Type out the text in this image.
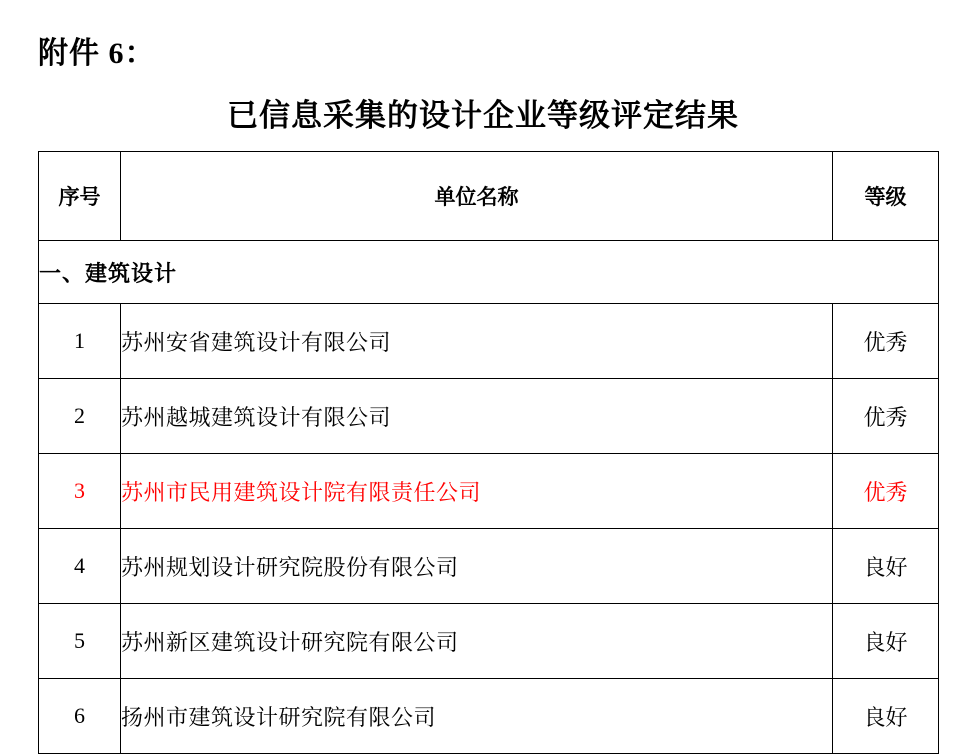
附件 6：
已信息采集的设计企业等级评定结果
序号	单位名称	等级
一、建筑设计		
1	苏州安省建筑设计有限公司	优秀
2	苏州越城建筑设计有限公司	优秀
3	苏州市民用建筑设计院有限责任公司	优秀
4	苏州规划设计研究院股份有限公司	良好
5	苏州新区建筑设计研究院有限公司	良好
6	扬州市建筑设计研究院有限公司	良好
